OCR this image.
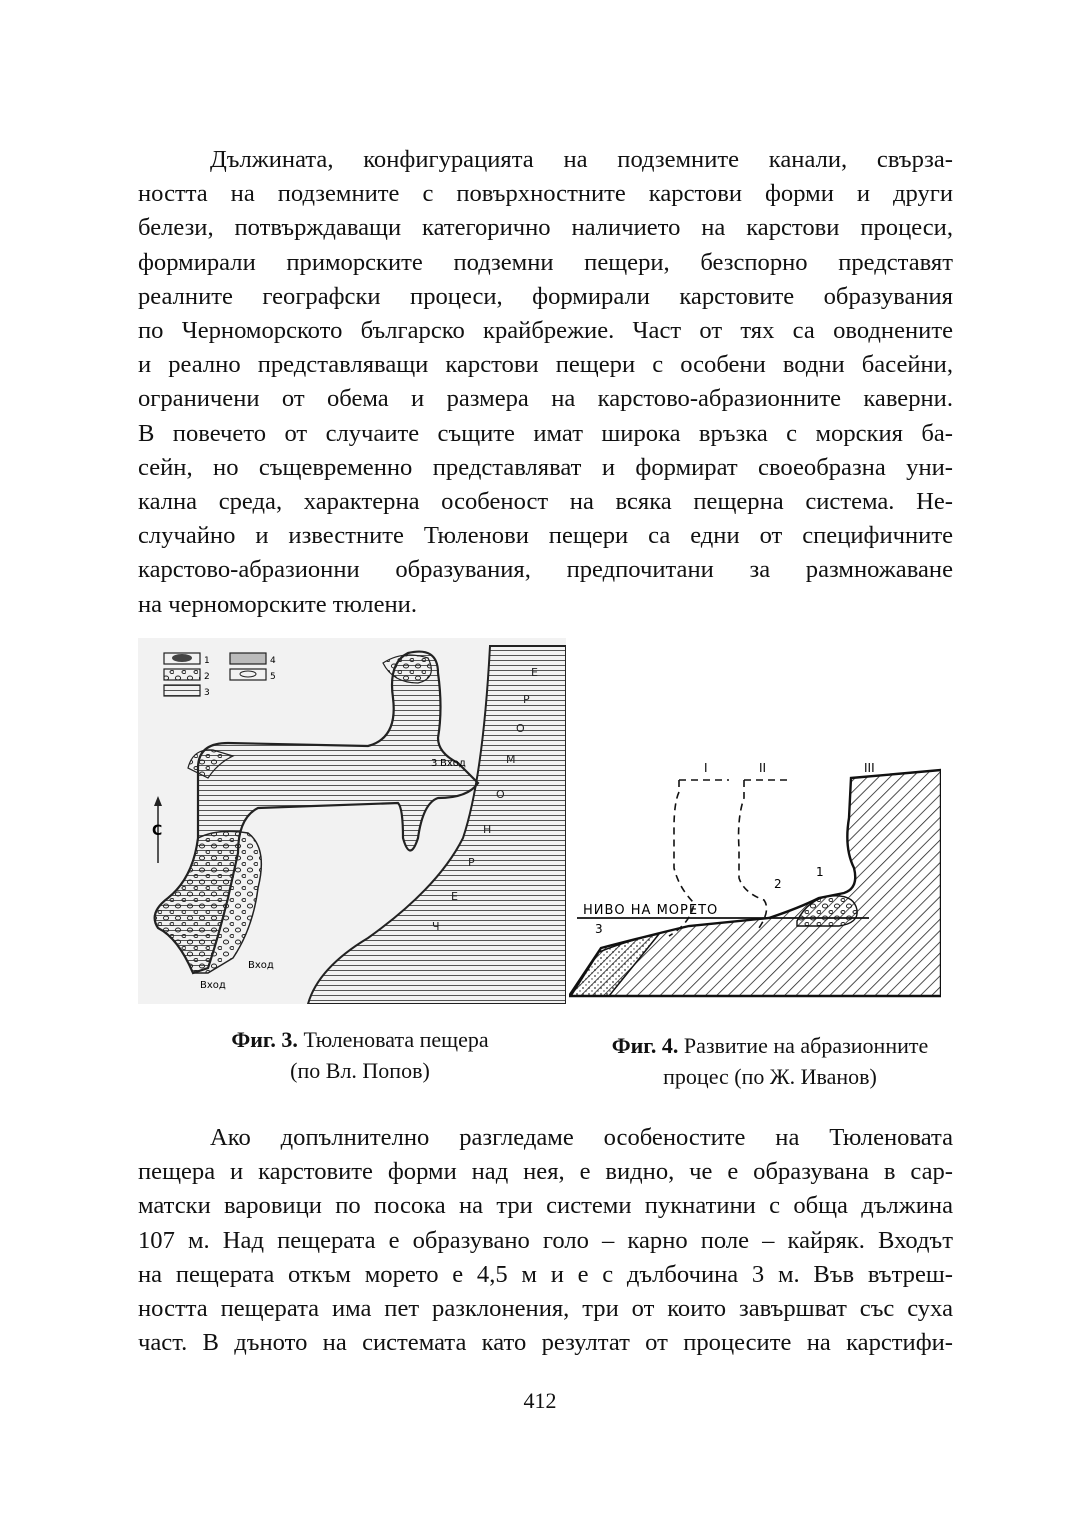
Дължината, конфигурацията на подземните канали, свърза-
ността на подземните с повърхностните карстови форми и други
белези, потвърждаващи категорично наличието на карстови процеси,
формирали приморските подземни пещери, безспорно представят
реалните географски процеси, формирали карстовите образувания
по Черноморското българско крайбрежие. Част от тях са оводнените
и реално представляващи карстови пещери с особени водни басейни,
ограничени от обема и размера на карстово-абразионните каверни.
В повечето от случаите същите имат широка връзка с морския ба-
сейн, но същевременно представляват и формират своеобразна уни-
кална среда, характерна особеност на всяка пещерна система. Не-
случайно и известните Тюленови пещери са едни от специфичните
карстово-абразионни образувания, предпочитани за размножаване
на черноморските тюлени.
1
2
3
4
5
С
Е
Р
О
М
О
Н
Р
Е
Ч
3 Вход
Вход
Вход
НИВО НА МОРЕТО
I	II	III
1
2
3
Фиг. 3. Тюленовата пещера
(по Вл. Попов)
Фиг. 4. Развитие на абразионните
процес (по Ж. Иванов)
Ако допълнително разгледаме особеностите на Тюленовата
пещера и карстовите форми над нея, е видно, че е образувана в сар-
матски варовици по посока на три системи пукнатини с обща дължина
107 м. Над пещерата е образувано голо – карно поле – кайряк. Входът
на пещерата откъм морето е 4,5 м и е с дълбочина 3 м. Във вътреш-
ността пещерата има пет разклонения, три от които завършват със суха
част. В дъното на системата като резултат от процесите на карстифи-
412
